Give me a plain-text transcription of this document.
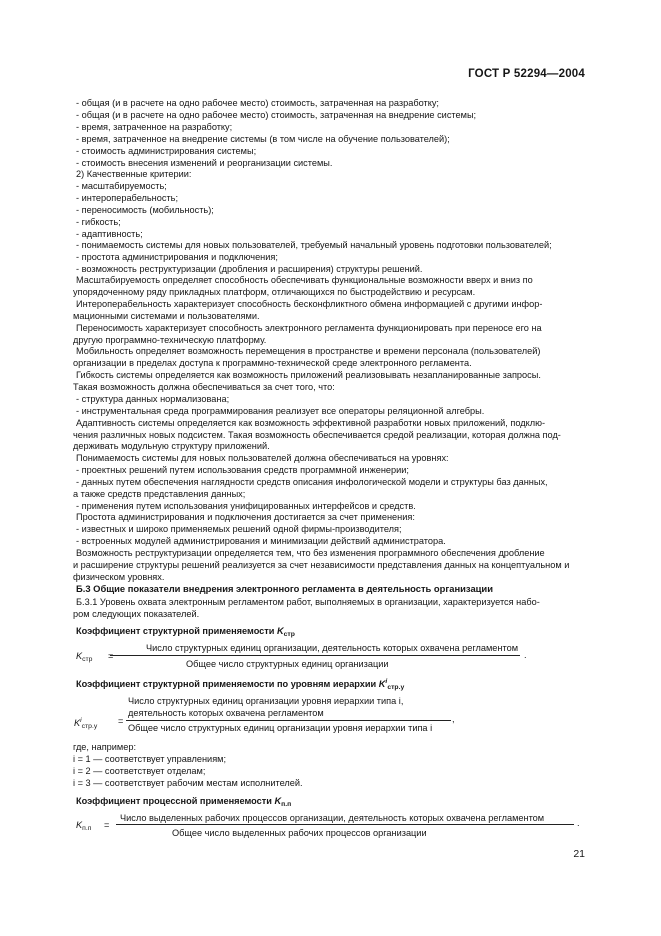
ГОСТ Р 52294—2004
- общая (и в расчете на одно рабочее место) стоимость, затраченная на разработку;
- общая (и в расчете на одно рабочее место) стоимость, затраченная на внедрение системы;
- время, затраченное на разработку;
- время, затраченное на внедрение системы (в том числе на обучение пользователей);
- стоимость администрирования системы;
- стоимость внесения изменений и реорганизации системы.
2) Качественные критерии:
- масштабируемость;
- интероперабельность;
- переносимость (мобильность);
- гибкость;
- адаптивность;
- понимаемость системы для новых пользователей, требуемый начальный уровень подготовки пользователей;
- простота администрирования и подключения;
- возможность реструктуризации (дробления и расширения) структуры решений.
Масштабируемость определяет способность обеспечивать функциональные возможности вверх и вниз по
упорядоченному ряду прикладных платформ, отличающихся по быстродействию и ресурсам.
Интероперабельность характеризует способность бесконфликтного обмена информацией с другими инфор-
мационными системами и пользователями.
Переносимость характеризует способность электронного регламента функционировать при переносе его на
другую программно-техническую платформу.
Мобильность определяет возможность перемещения в пространстве и времени персонала (пользователей)
организации в пределах доступа к программно-технической среде электронного регламента.
Гибкость системы определяется как возможность приложений реализовывать незапланированные запросы.
Такая возможность должна обеспечиваться за счет того, что:
- структура данных нормализована;
- инструментальная среда программирования реализует все операторы реляционной алгебры.
Адаптивность системы определяется как возможность эффективной разработки новых приложений, подклю-
чения различных новых подсистем. Такая возможность обеспечивается средой реализации, которая должна под-
держивать модульную структуру приложений.
Понимаемость системы для новых пользователей должна обеспечиваться на уровнях:
- проектных решений путем использования средств программной инженерии;
- данных путем обеспечения наглядности средств описания инфологической модели и структуры баз данных,
а также средств представления данных;
- применения путем использования унифицированных интерфейсов и средств.
Простота администрирования и подключения достигается за счет применения:
- известных и широко применяемых решений одной фирмы-производителя;
- встроенных модулей администрирования и минимизации действий администратора.
Возможность реструктуризации определяется тем, что без изменения программного обеспечения дробление
и расширение структуры решений реализуется за счет независимости представления данных на концептуальном и
физическом уровнях.
Б.3 Общие показатели внедрения электронного регламента в деятельность организации
Б.3.1 Уровень охвата электронным регламентом работ, выполняемых в организации, характеризуется набо-
ром следующих показателей.
Коэффициент структурной применяемости $K_{стр}$
$K_{стр}$ =
Число структурных единиц организации, деятельность которых охвачена регламентом
Общее число структурных единиц организации
.
Коэффициент структурной применяемости по уровням иерархии $K^i_{стр.у}$
Число структурных единиц организации уровня иерархии типа i,
деятельность которых охвачена регламентом
$K^i_{стр.у}$
=	,
Общее число структурных единиц организации уровня иерархии типа i
где, например:
i = 1 — соответствует управлениям;
i = 2 — соответствует отделам;
i = 3 — соответствует рабочим местам исполнителей.
Коэффициент процессной применяемости $K_{п.п}$
$K_{п.п}$ =
Число выделенных рабочих процессов организации, деятельность которых охвачена регламентом	.
Общее число выделенных рабочих процессов организации
21
